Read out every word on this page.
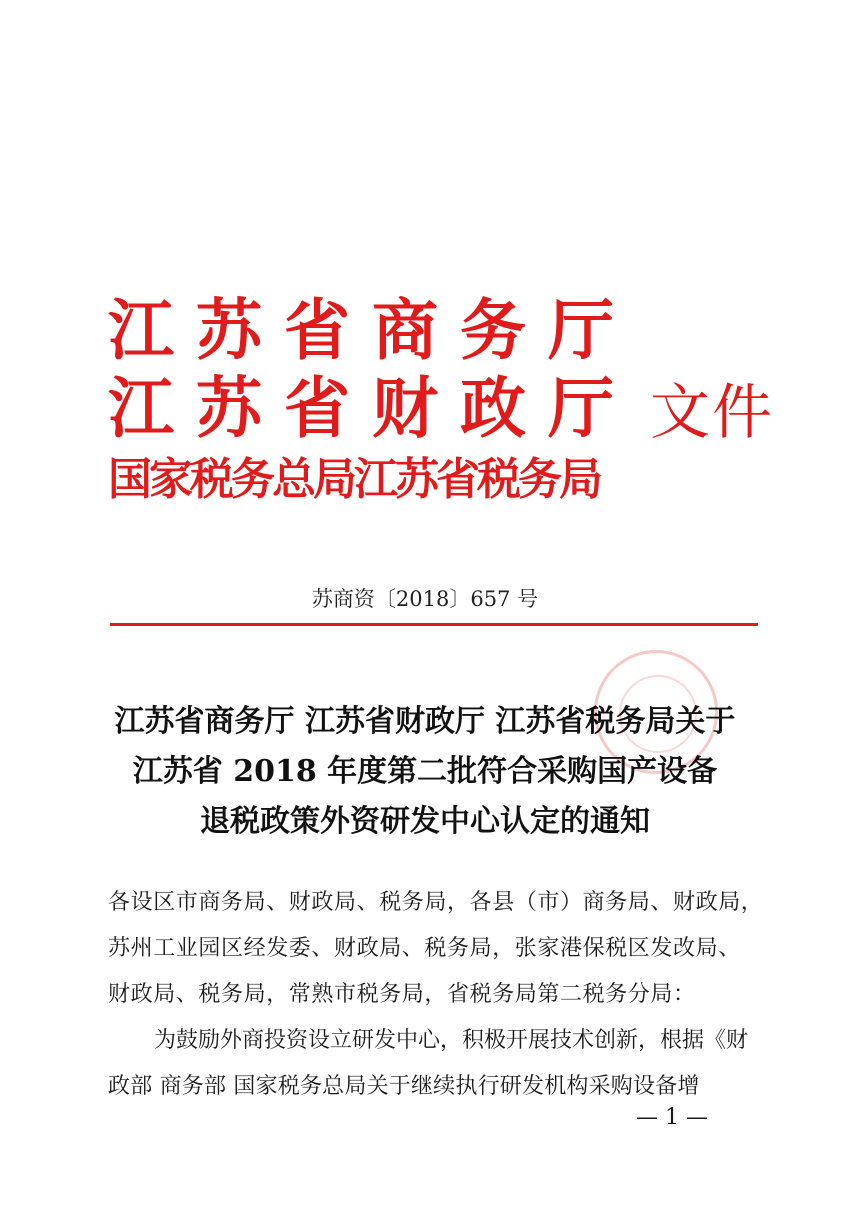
江苏省商务厅
江苏省财政厅 文件
国家税务总局江苏省税务局
苏商资〔2018〕657 号
江苏省商务厅 江苏省财政厅 江苏省税务局关于
江苏省 2018 年度第二批符合采购国产设备
退税政策外资研发中心认定的通知
各设区市商务局、财政局、税务局，各县（市）商务局、财政局，
苏州工业园区经发委、财政局、税务局，张家港保税区发改局、
财政局、税务局，常熟市税务局，省税务局第二税务分局：
为鼓励外商投资设立研发中心，积极开展技术创新，根据《财
政部 商务部 国家税务总局关于继续执行研发机构采购设备增
— 1 —
